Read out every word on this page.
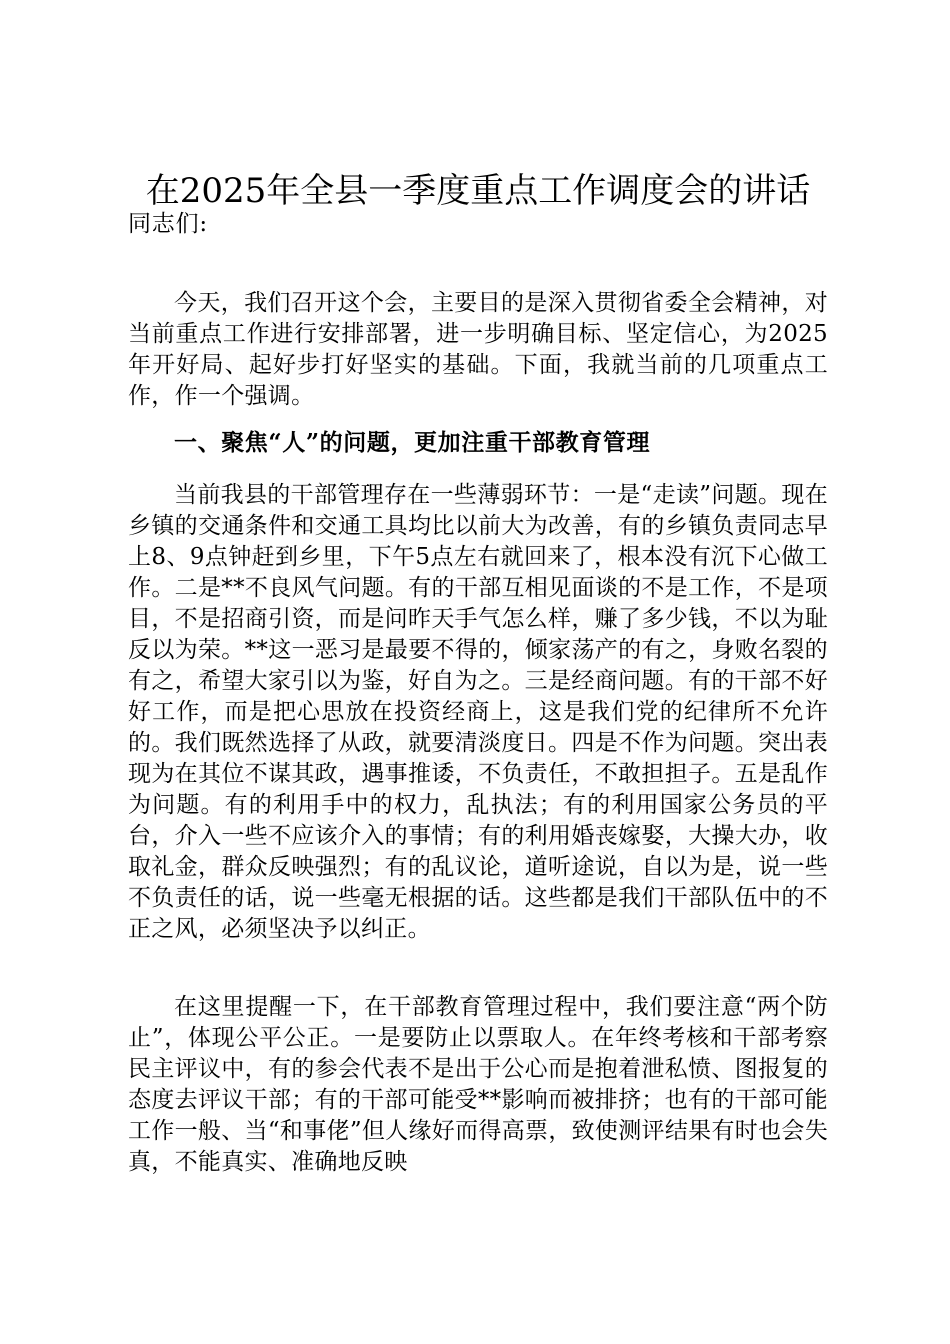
在2025年全县一季度重点工作调度会的讲话

同志们:

今天，我们召开这个会，主要目的是深入贯彻省委全会精神，对当前重点工作进行安排部署，进一步明确目标、坚定信心，为2025年开好局、起好步打好坚实的基础。下面，我就当前的几项重点工作，作一个强调。

一、聚焦“人”的问题，更加注重干部教育管理

当前我县的干部管理存在一些薄弱环节：一是“走读”问题。现在乡镇的交通条件和交通工具均比以前大为改善，有的乡镇负责同志早上8、9点钟赶到乡里，下午5点左右就回来了，根本没有沉下心做工作。二是**不良风气问题。有的干部互相见面谈的不是工作，不是项目，不是招商引资，而是问昨天手气怎么样，赚了多少钱，不以为耻反以为荣。**这一恶习是最要不得的，倾家荡产的有之，身败名裂的有之，希望大家引以为鉴，好自为之。三是经商问题。有的干部不好好工作，而是把心思放在投资经商上，这是我们党的纪律所不允许的。我们既然选择了从政，就要清淡度日。四是不作为问题。突出表现为在其位不谋其政，遇事推诿，不负责任，不敢担担子。五是乱作为问题。有的利用手中的权力，乱执法；有的利用国家公务员的平台，介入一些不应该介入的事情；有的利用婚丧嫁娶，大操大办，收取礼金，群众反映强烈；有的乱议论，道听途说，自以为是，说一些不负责任的话，说一些毫无根据的话。这些都是我们干部队伍中的不正之风，必须坚决予以纠正。

在这里提醒一下，在干部教育管理过程中，我们要注意“两个防止”，体现公平公正。一是要防止以票取人。在年终考核和干部考察民主评议中，有的参会代表不是出于公心而是抱着泄私愤、图报复的态度去评议干部；有的干部可能受**影响而被排挤；也有的干部可能工作一般、当“和事佬”但人缘好而得高票，致使测评结果有时也会失真，不能真实、准确地反映
